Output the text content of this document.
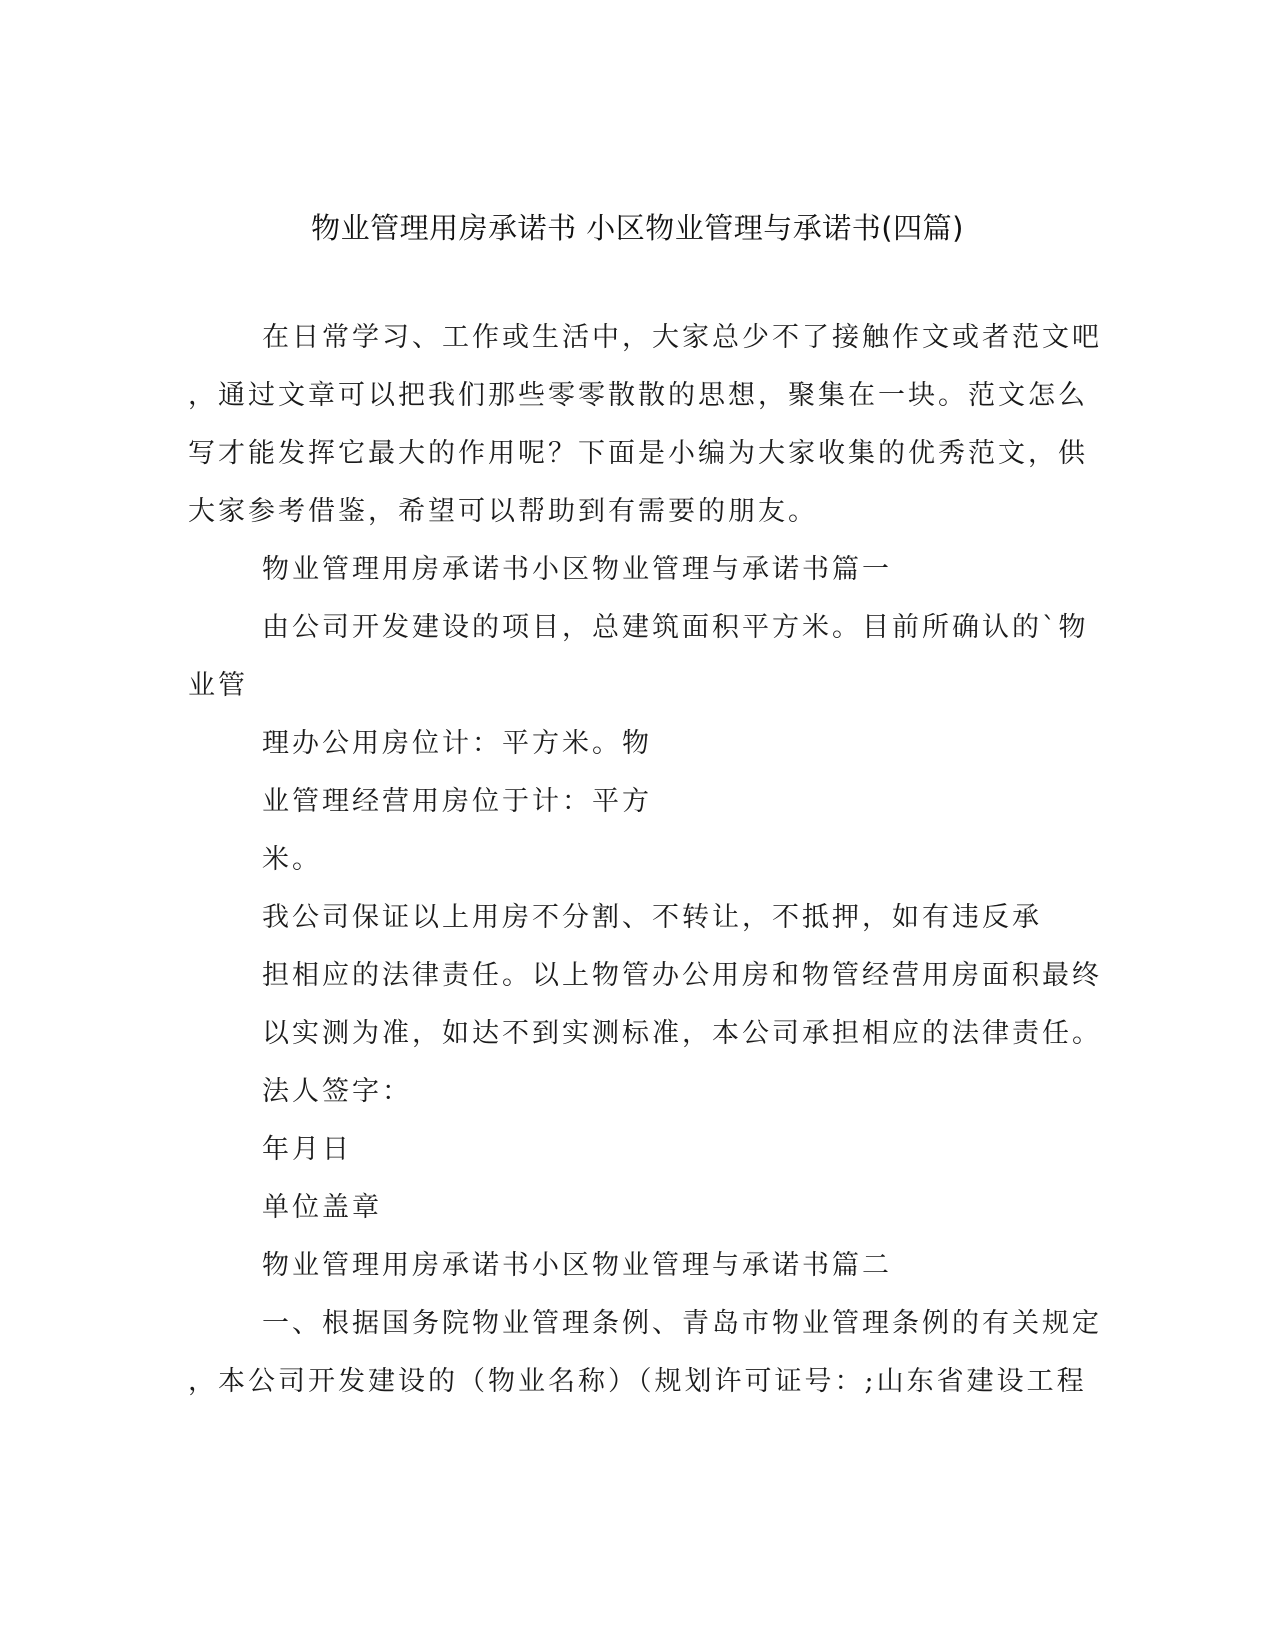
物业管理用房承诺书 小区物业管理与承诺书(四篇)
在日常学习、工作或生活中，大家总少不了接触作文或者范文吧
，通过文章可以把我们那些零零散散的思想，聚集在一块。范文怎么
写才能发挥它最大的作用呢？下面是小编为大家收集的优秀范文，供
大家参考借鉴，希望可以帮助到有需要的朋友。
物业管理用房承诺书小区物业管理与承诺书篇一
由公司开发建设的项目，总建筑面积平方米。目前所确认的`物
业管
理办公用房位计：平方米。物
业管理经营用房位于计：平方
米。
我公司保证以上用房不分割、不转让，不抵押，如有违反承
担相应的法律责任。以上物管办公用房和物管经营用房面积最终
以实测为准，如达不到实测标准，本公司承担相应的法律责任。
法人签字：
年月日
单位盖章
物业管理用房承诺书小区物业管理与承诺书篇二
一、根据国务院物业管理条例、青岛市物业管理条例的有关规定
，本公司开发建设的（物业名称）（规划许可证号：;山东省建设工程
